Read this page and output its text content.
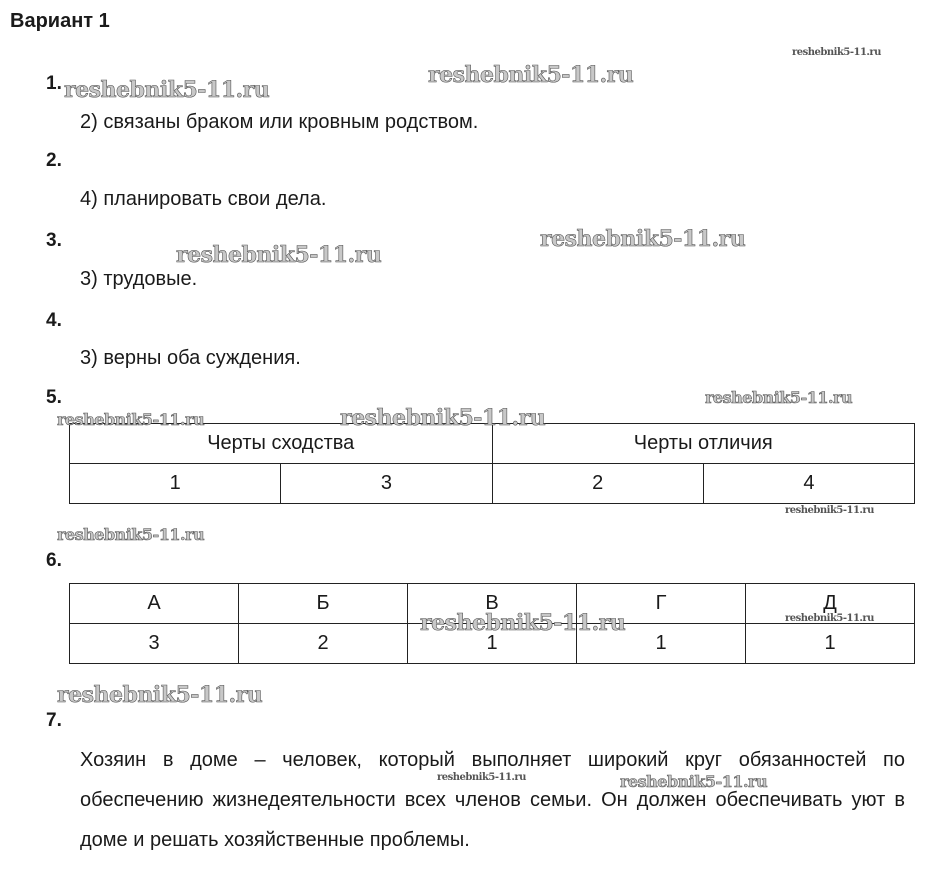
Вариант 1
1.
2) связаны браком или кровным родством.
2.
4) планировать свои дела.
3.
3) трудовые.
4.
3) верны оба суждения.
5.
Черты сходства		Черты отличия	
1	3	2	4
6.
А	Б	В	Г	Д
3	2	1	1	1
7.
Хозяин в доме – человек, который выполняет широкий круг обязанностей по обеспечению жизнедеятельности всех членов семьи. Он должен обеспечивать уют в доме и решать хозяйственные проблемы.
reshebnik5-11.ru
reshebnik5-11.ru
reshebnik5-11.ru
reshebnik5-11.ru
reshebnik5-11.ru
reshebnik5-11.ru
reshebnik5-11.ru	reshebnik5-11.ru
reshebnik5-11.ru
reshebnik5-11.ru
reshebnik5-11.ru
reshebnik5-11.ru
reshebnik5-11.ru
reshebnik5-11.ru	reshebnik5-11.ru
